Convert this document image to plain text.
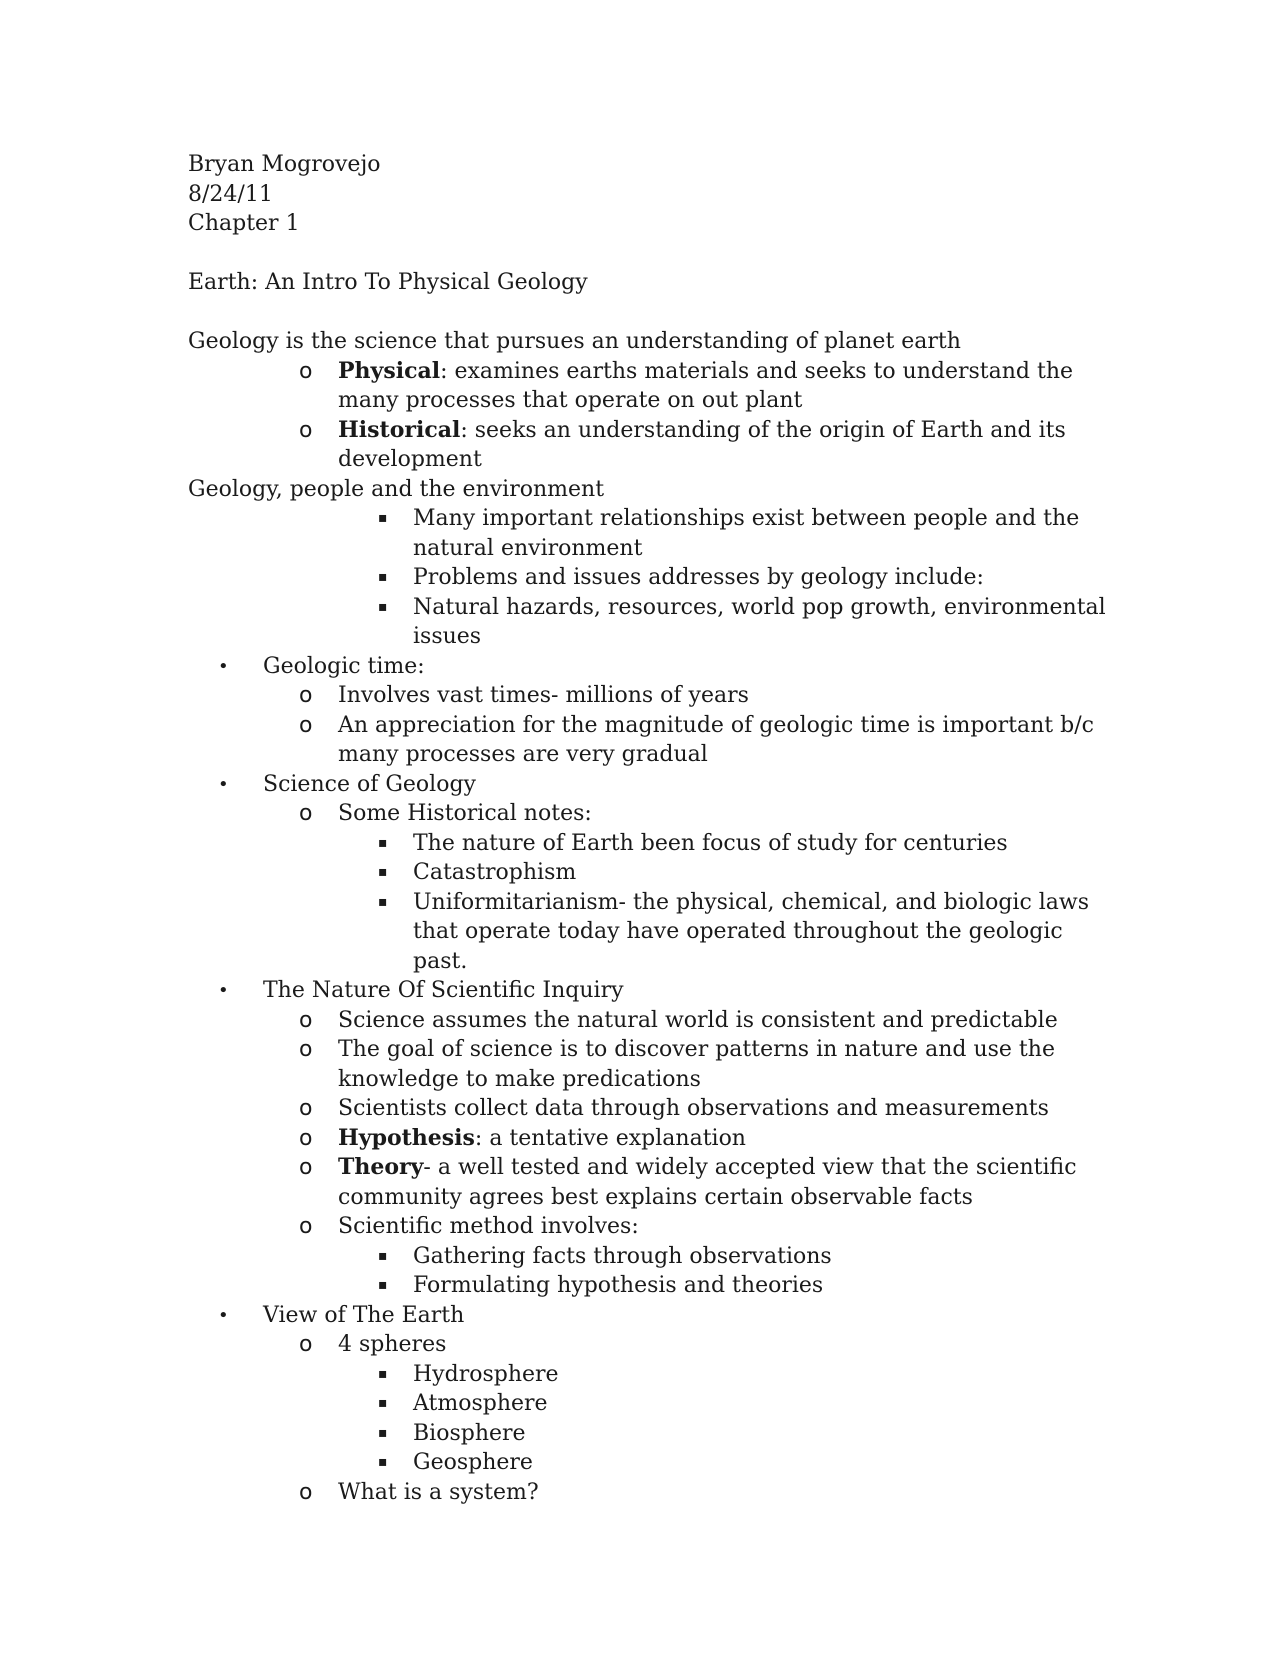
Bryan Mogrovejo
8/24/11
Chapter 1
Earth: An Intro To Physical Geology
Geology is the science that pursues an understanding of planet earth
o Physical: examines earths materials and seeks to understand the many processes that operate on out plant
o Historical: seeks an understanding of the origin of Earth and its development
Geology, people and the environment
▪ Many important relationships exist between people and the natural environment
▪ Problems and issues addresses by geology include:
▪ Natural hazards, resources, world pop growth, environmental issues
• Geologic time:
o Involves vast times- millions of years
o An appreciation for the magnitude of geologic time is important b/c many processes are very gradual
• Science of Geology
o Some Historical notes:
▪ The nature of Earth been focus of study for centuries
▪ Catastrophism
▪ Uniformitarianism- the physical, chemical, and biologic laws that operate today have operated throughout the geologic past.
• The Nature Of Scientific Inquiry
o Science assumes the natural world is consistent and predictable
o The goal of science is to discover patterns in nature and use the knowledge to make predications
o Scientists collect data through observations and measurements
o Hypothesis: a tentative explanation
o Theory- a well tested and widely accepted view that the scientific community agrees best explains certain observable facts
o Scientific method involves:
▪ Gathering facts through observations
▪ Formulating hypothesis and theories
• View of The Earth
o 4 spheres
▪ Hydrosphere
▪ Atmosphere
▪ Biosphere
▪ Geosphere
o What is a system?
